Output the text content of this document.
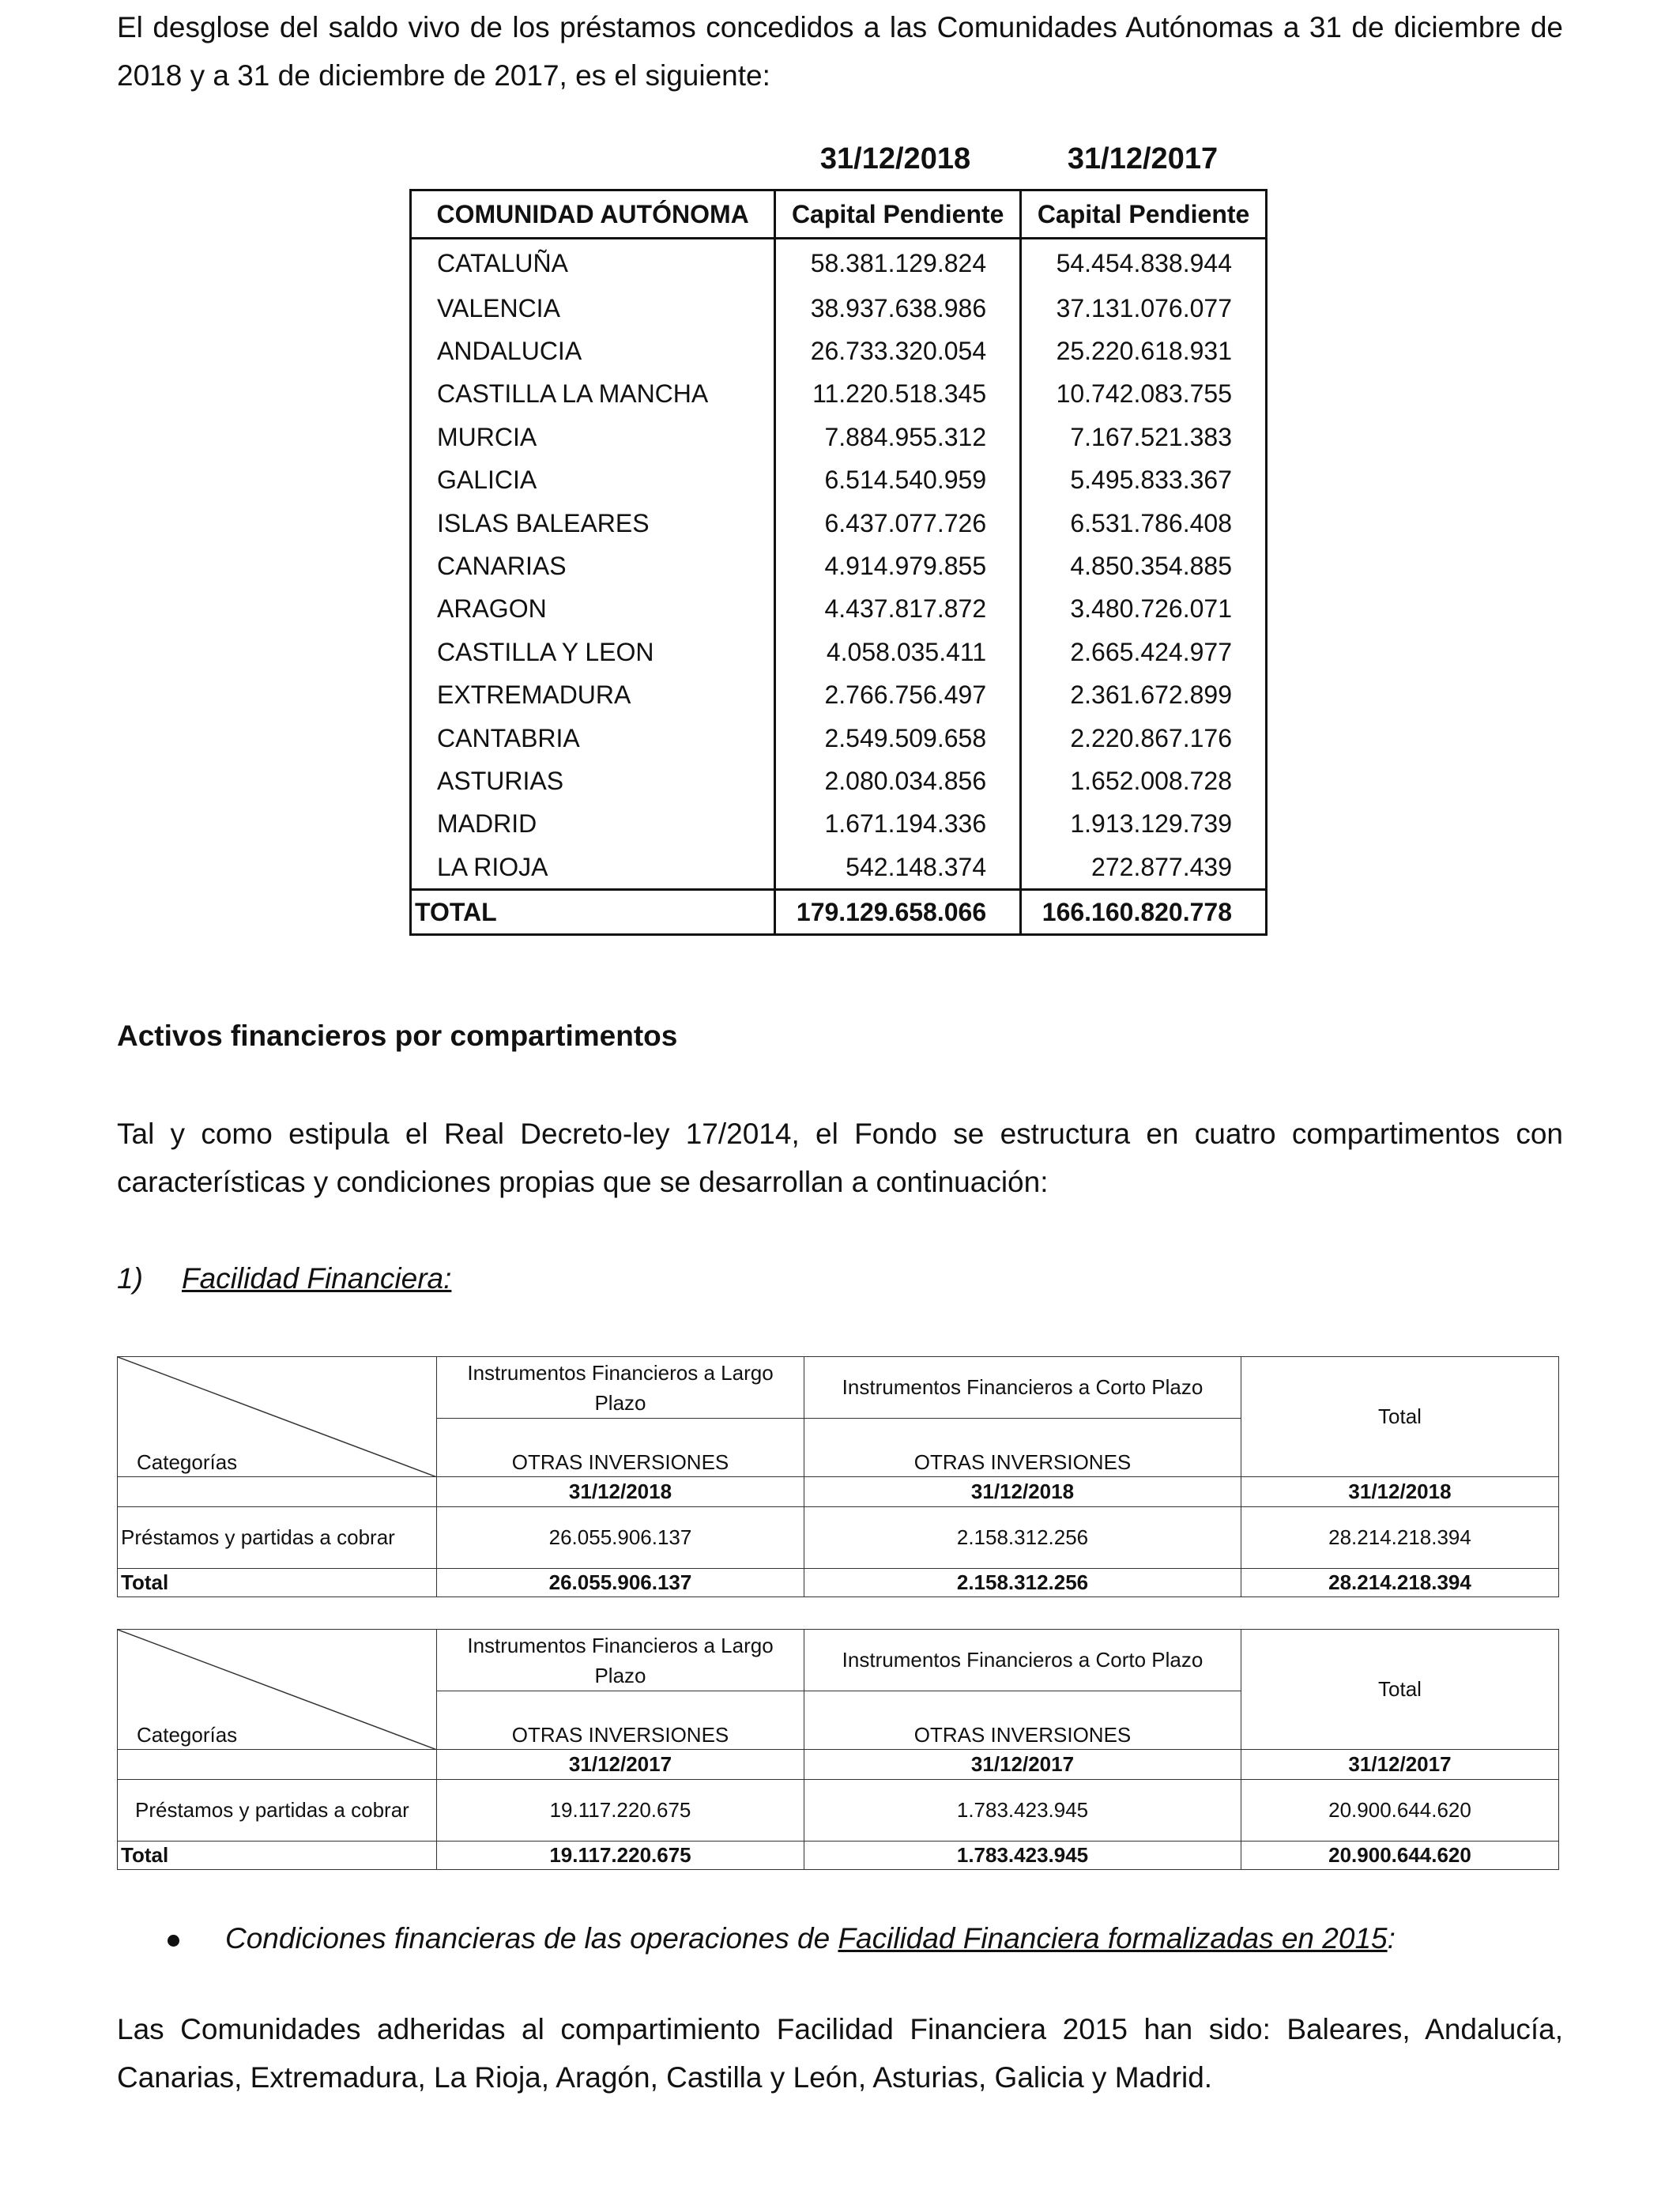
El desglose del saldo vivo de los préstamos concedidos a las Comunidades Autónomas a 31 de diciembre de
2018 y a 31 de diciembre de 2017, es el siguiente:
31/12/2018	31/12/2017
COMUNIDAD AUTÓNOMA	Capital Pendiente	Capital Pendiente
CATALUÑA	58.381.129.824	54.454.838.944
VALENCIA	38.937.638.986	37.131.076.077
ANDALUCIA	26.733.320.054	25.220.618.931
CASTILLA LA MANCHA	11.220.518.345	10.742.083.755
MURCIA	7.884.955.312	7.167.521.383
GALICIA	6.514.540.959	5.495.833.367
ISLAS BALEARES	6.437.077.726	6.531.786.408
CANARIAS	4.914.979.855	4.850.354.885
ARAGON	4.437.817.872	3.480.726.071
CASTILLA Y LEON	4.058.035.411	2.665.424.977
EXTREMADURA	2.766.756.497	2.361.672.899
CANTABRIA	2.549.509.658	2.220.867.176
ASTURIAS	2.080.034.856	1.652.008.728
MADRID	1.671.194.336	1.913.129.739
LA RIOJA	542.148.374	272.877.439
TOTAL	179.129.658.066	166.160.820.778
Activos financieros por compartimentos
Tal y como estipula el Real Decreto-ley 17/2014, el Fondo se estructura en cuatro compartimentos con
características y condiciones propias que se desarrollan a continuación:
1) Facilidad Financiera:
Categorías	Instrumentos Financieros a Largo Plazo	Instrumentos Financieros a Corto Plazo	Total
	OTRAS INVERSIONES	OTRAS INVERSIONES	
	31/12/2018	31/12/2018	31/12/2018
Préstamos y partidas a cobrar	26.055.906.137	2.158.312.256	28.214.218.394
Total	26.055.906.137	2.158.312.256	28.214.218.394
Categorías	Instrumentos Financieros a Largo Plazo	Instrumentos Financieros a Corto Plazo	Total
	OTRAS INVERSIONES	OTRAS INVERSIONES	
	31/12/2017	31/12/2017	31/12/2017
Préstamos y partidas a cobrar	19.117.220.675	1.783.423.945	20.900.644.620
Total	19.117.220.675	1.783.423.945	20.900.644.620
Condiciones financieras de las operaciones de Facilidad Financiera formalizadas en 2015:
Las Comunidades adheridas al compartimiento Facilidad Financiera 2015 han sido: Baleares, Andalucía,
Canarias, Extremadura, La Rioja, Aragón, Castilla y León, Asturias, Galicia y Madrid.
